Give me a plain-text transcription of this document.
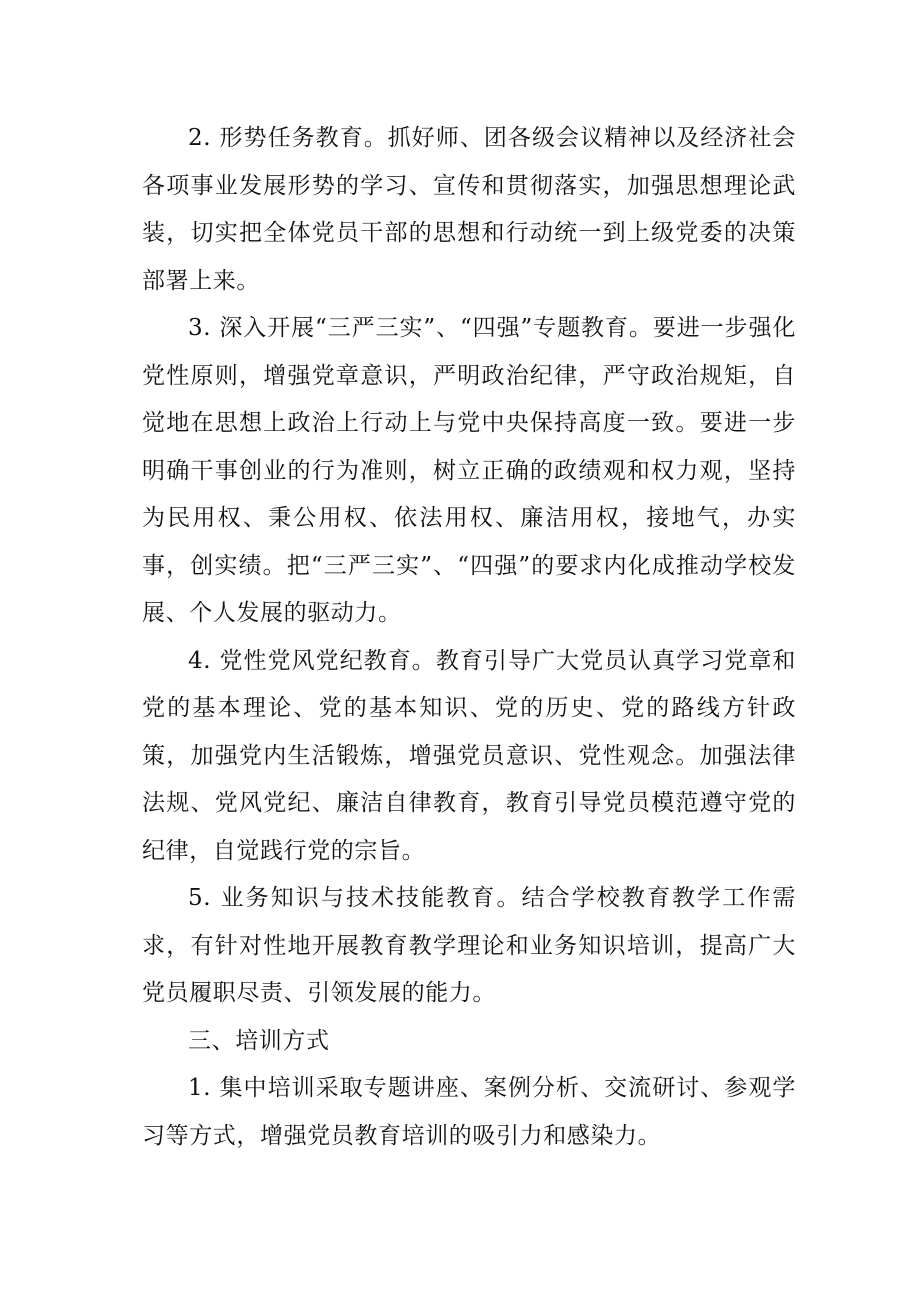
2. 形势任务教育。抓好师、团各级会议精神以及经济社会各项事业发展形势的学习、宣传和贯彻落实，加强思想理论武装，切实把全体党员干部的思想和行动统一到上级党委的决策部署上来。

3. 深入开展“三严三实”、“四强”专题教育。要进一步强化党性原则，增强党章意识，严明政治纪律，严守政治规矩，自觉地在思想上政治上行动上与党中央保持高度一致。要进一步明确干事创业的行为准则，树立正确的政绩观和权力观，坚持为民用权、秉公用权、依法用权、廉洁用权，接地气，办实事，创实绩。把“三严三实”、“四强”的要求内化成推动学校发展、个人发展的驱动力。

4. 党性党风党纪教育。教育引导广大党员认真学习党章和党的基本理论、党的基本知识、党的历史、党的路线方针政策，加强党内生活锻炼，增强党员意识、党性观念。加强法律法规、党风党纪、廉洁自律教育，教育引导党员模范遵守党的纪律，自觉践行党的宗旨。

5. 业务知识与技术技能教育。结合学校教育教学工作需求，有针对性地开展教育教学理论和业务知识培训，提高广大党员履职尽责、引领发展的能力。

三、培训方式

1. 集中培训采取专题讲座、案例分析、交流研讨、参观学习等方式，增强党员教育培训的吸引力和感染力。
